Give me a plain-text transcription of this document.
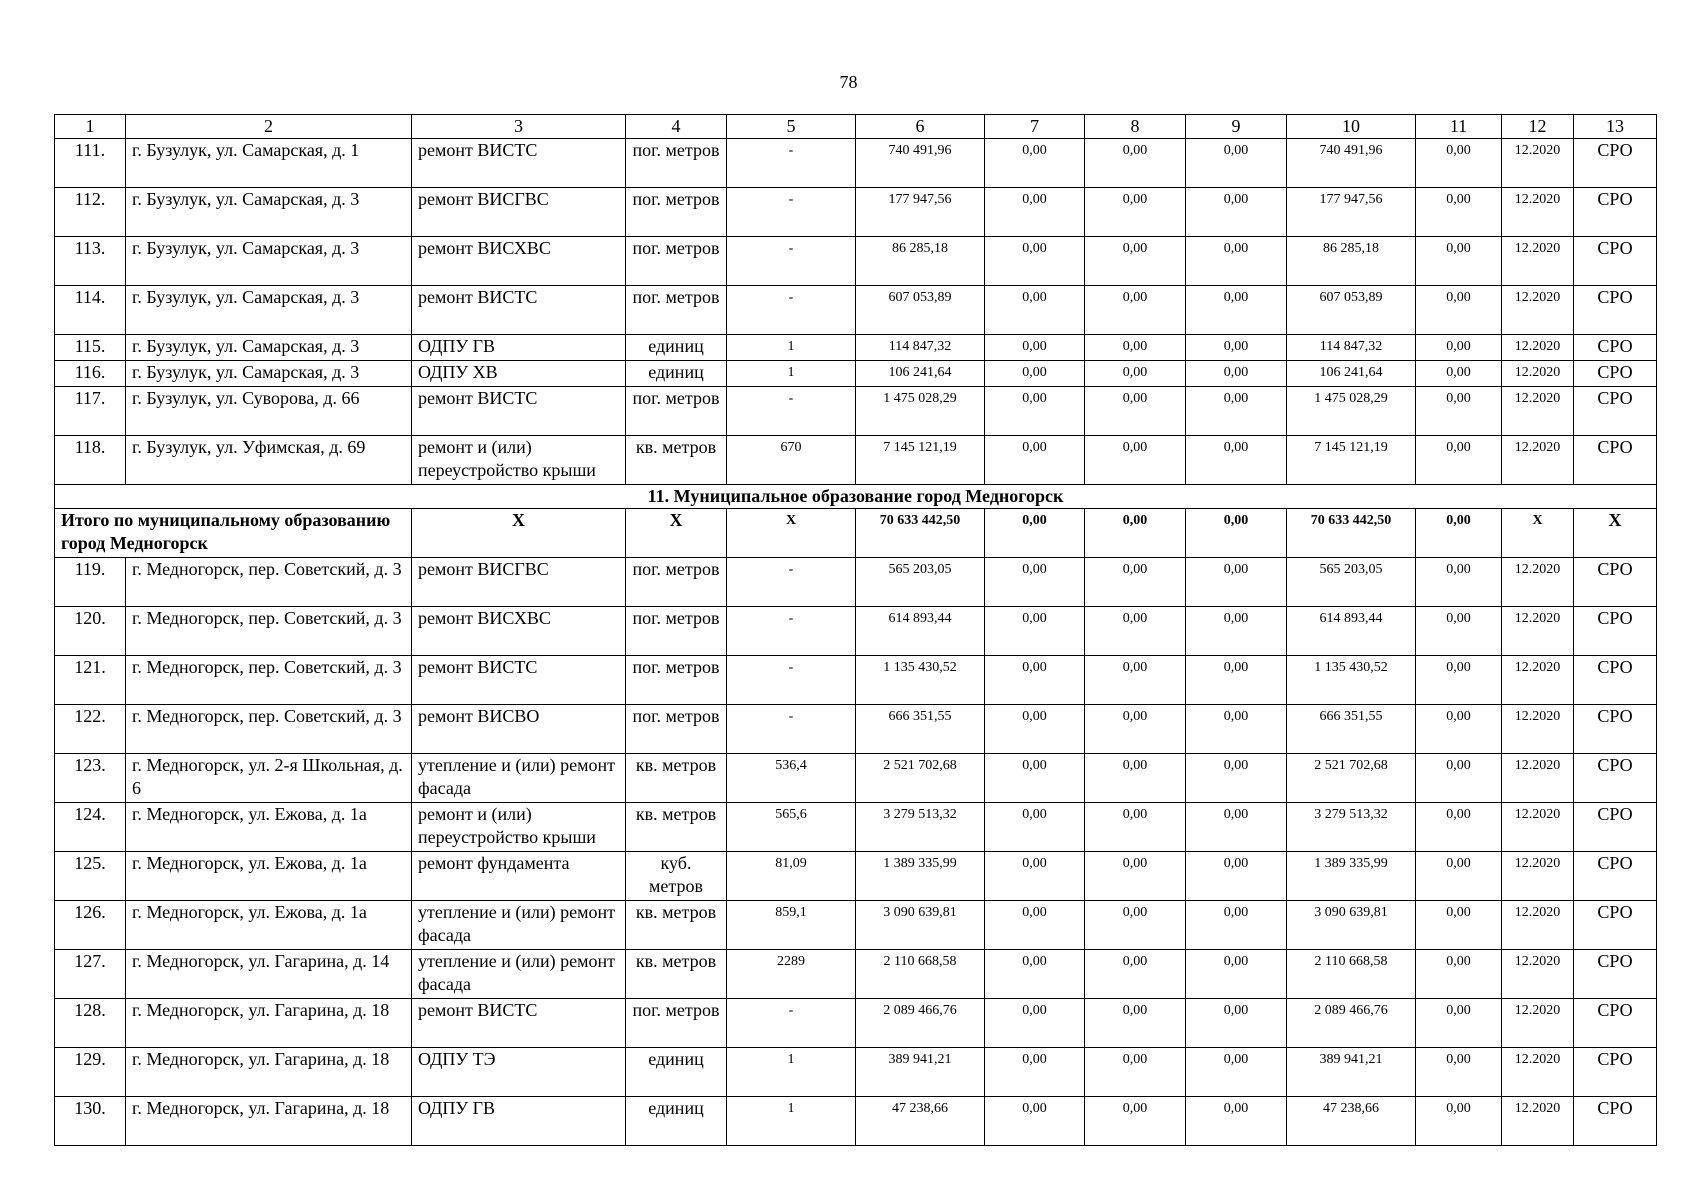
78
1	2	3	4	5	6	7	8	9	10	11	12	13
111.	г. Бузулук, ул. Самарская, д. 1	ремонт ВИСТС	пог. метров	-	740 491,96	0,00	0,00	0,00	740 491,96	0,00	12.2020	СРО
112.	г. Бузулук, ул. Самарская, д. 3	ремонт ВИСГВС	пог. метров	-	177 947,56	0,00	0,00	0,00	177 947,56	0,00	12.2020	СРО
113.	г. Бузулук, ул. Самарская, д. 3	ремонт ВИСХВС	пог. метров	-	86 285,18	0,00	0,00	0,00	86 285,18	0,00	12.2020	СРО
114.	г. Бузулук, ул. Самарская, д. 3	ремонт ВИСТС	пог. метров	-	607 053,89	0,00	0,00	0,00	607 053,89	0,00	12.2020	СРО
115.	г. Бузулук, ул. Самарская, д. 3	ОДПУ ГВ	единиц	1	114 847,32	0,00	0,00	0,00	114 847,32	0,00	12.2020	СРО
116.	г. Бузулук, ул. Самарская, д. 3	ОДПУ ХВ	единиц	1	106 241,64	0,00	0,00	0,00	106 241,64	0,00	12.2020	СРО
117.	г. Бузулук, ул. Суворова, д. 66	ремонт ВИСТС	пог. метров	-	1 475 028,29	0,00	0,00	0,00	1 475 028,29	0,00	12.2020	СРО
118.	г. Бузулук, ул. Уфимская, д. 69	ремонт и (или) переустройство крыши	кв. метров	670	7 145 121,19	0,00	0,00	0,00	7 145 121,19	0,00	12.2020	СРО
11. Муниципальное образование город Медногорск												
Итого по муниципальному образованию город Медногорск		Х	Х	Х	70 633 442,50	0,00	0,00	0,00	70 633 442,50	0,00	Х	Х
119.	г. Медногорск, пер. Советский, д. 3	ремонт ВИСГВС	пог. метров	-	565 203,05	0,00	0,00	0,00	565 203,05	0,00	12.2020	СРО
120.	г. Медногорск, пер. Советский, д. 3	ремонт ВИСХВС	пог. метров	-	614 893,44	0,00	0,00	0,00	614 893,44	0,00	12.2020	СРО
121.	г. Медногорск, пер. Советский, д. 3	ремонт ВИСТС	пог. метров	-	1 135 430,52	0,00	0,00	0,00	1 135 430,52	0,00	12.2020	СРО
122.	г. Медногорск, пер. Советский, д. 3	ремонт ВИСВО	пог. метров	-	666 351,55	0,00	0,00	0,00	666 351,55	0,00	12.2020	СРО
123.	г. Медногорск, ул. 2-я Школьная, д. 6	утепление и (или) ремонт фасада	кв. метров	536,4	2 521 702,68	0,00	0,00	0,00	2 521 702,68	0,00	12.2020	СРО
124.	г. Медногорск, ул. Ежова, д. 1а	ремонт и (или) переустройство крыши	кв. метров	565,6	3 279 513,32	0,00	0,00	0,00	3 279 513,32	0,00	12.2020	СРО
125.	г. Медногорск, ул. Ежова, д. 1а	ремонт фундамента	куб. метров	81,09	1 389 335,99	0,00	0,00	0,00	1 389 335,99	0,00	12.2020	СРО
126.	г. Медногорск, ул. Ежова, д. 1а	утепление и (или) ремонт фасада	кв. метров	859,1	3 090 639,81	0,00	0,00	0,00	3 090 639,81	0,00	12.2020	СРО
127.	г. Медногорск, ул. Гагарина, д. 14	утепление и (или) ремонт фасада	кв. метров	2289	2 110 668,58	0,00	0,00	0,00	2 110 668,58	0,00	12.2020	СРО
128.	г. Медногорск, ул. Гагарина, д. 18	ремонт ВИСТС	пог. метров	-	2 089 466,76	0,00	0,00	0,00	2 089 466,76	0,00	12.2020	СРО
129.	г. Медногорск, ул. Гагарина, д. 18	ОДПУ ТЭ	единиц	1	389 941,21	0,00	0,00	0,00	389 941,21	0,00	12.2020	СРО
130.	г. Медногорск, ул. Гагарина, д. 18	ОДПУ ГВ	единиц	1	47 238,66	0,00	0,00	0,00	47 238,66	0,00	12.2020	СРО
